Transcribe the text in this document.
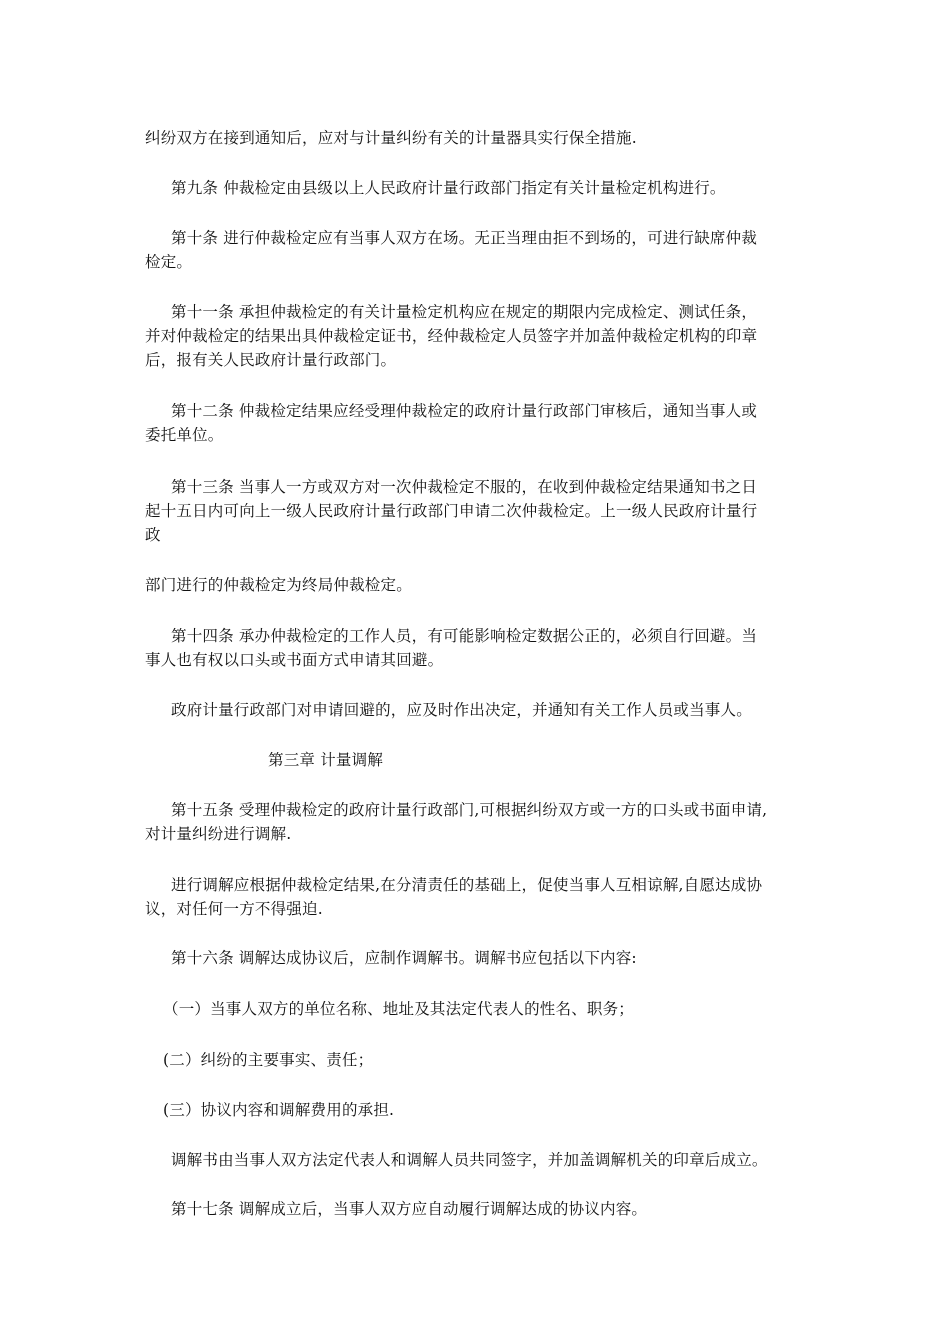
纠纷双方在接到通知后，应对与计量纠纷有关的计量器具实行保全措施.

第九条 仲裁检定由县级以上人民政府计量行政部门指定有关计量检定机构进行。

第十条 进行仲裁检定应有当事人双方在场。无正当理由拒不到场的，可进行缺席仲裁
检定。

第十一条 承担仲裁检定的有关计量检定机构应在规定的期限内完成检定、测试任条，
并对仲裁检定的结果出具仲裁检定证书，经仲裁检定人员签字并加盖仲裁检定机构的印章
后，报有关人民政府计量行政部门。

第十二条 仲裁检定结果应经受理仲裁检定的政府计量行政部门审核后，通知当事人或
委托单位。

第十三条 当事人一方或双方对一次仲裁检定不服的，在收到仲裁检定结果通知书之日
起十五日内可向上一级人民政府计量行政部门申请二次仲裁检定。上一级人民政府计量行
政

部门进行的仲裁检定为终局仲裁检定。

第十四条 承办仲裁检定的工作人员，有可能影响检定数据公正的，必须自行回避。当
事人也有权以口头或书面方式申请其回避。

政府计量行政部门对申请回避的，应及时作出决定，并通知有关工作人员或当事人。

第三章 计量调解

第十五条 受理仲裁检定的政府计量行政部门,可根据纠纷双方或一方的口头或书面申请,
对计量纠纷进行调解.

进行调解应根据仲裁检定结果,在分清责任的基础上，促使当事人互相谅解,自愿达成协
议，对任何一方不得强迫.

第十六条 调解达成协议后，应制作调解书。调解书应包括以下内容:

（一）当事人双方的单位名称、地址及其法定代表人的性名、职务；

(二）纠纷的主要事实、责任；

(三）协议内容和调解费用的承担.

调解书由当事人双方法定代表人和调解人员共同签字，并加盖调解机关的印章后成立。

第十七条 调解成立后，当事人双方应自动履行调解达成的协议内容。
